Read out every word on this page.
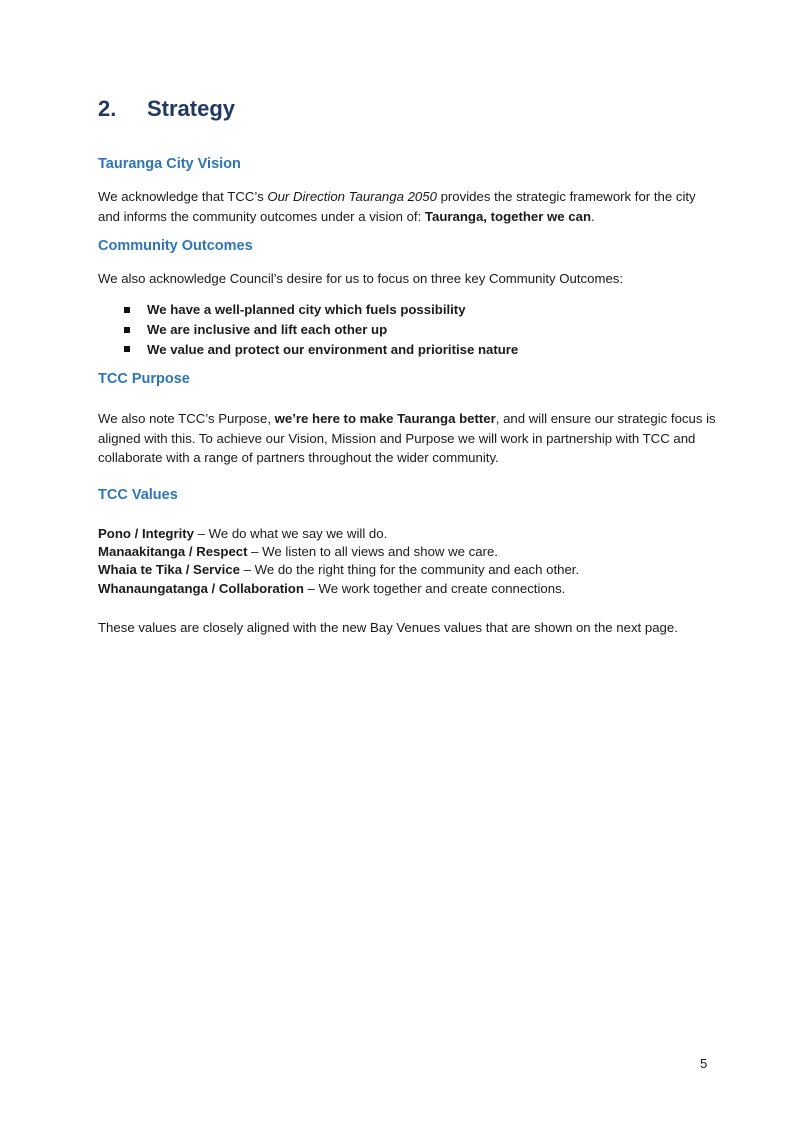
2.	Strategy
Tauranga City Vision

We acknowledge that TCC’s Our Direction Tauranga 2050 provides the strategic framework for the city and informs the community outcomes under a vision of: Tauranga, together we can.

Community Outcomes

We also acknowledge Council’s desire for us to focus on three key Community Outcomes:

We have a well-planned city which fuels possibility
We are inclusive and lift each other up
We value and protect our environment and prioritise nature
TCC Purpose

We also note TCC’s Purpose, we’re here to make Tauranga better, and will ensure our strategic focus is aligned with this. To achieve our Vision, Mission and Purpose we will work in partnership with TCC and collaborate with a range of partners throughout the wider community.

TCC Values
Pono / Integrity – We do what we say we will do.
Manaakitanga / Respect – We listen to all views and show we care.
Whaia te Tika / Service – We do the right thing for the community and each other.
Whanaungatanga / Collaboration – We work together and create connections.

These values are closely aligned with the new Bay Venues values that are shown on the next page.

5
